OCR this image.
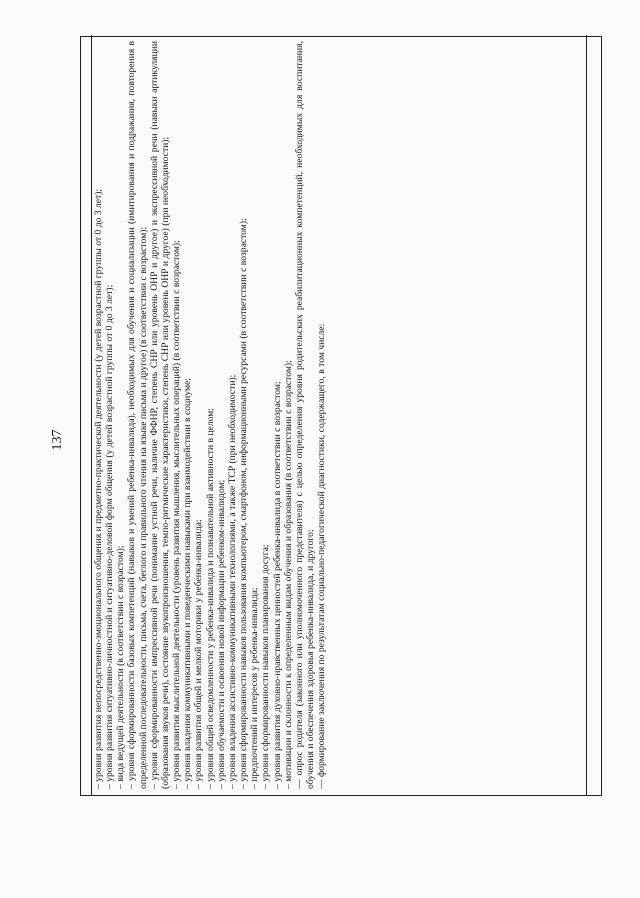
137	– уровня развития непосредственно-эмоционального общения и предметно-практической деятельности (у детей возрастной группы от 0 до 3 лет); – уровня развития ситуативно-личностной и ситуативно-деловой форм общения (у детей возрастной группы от 0 до 3 лет); – вида ведущей деятельности (в соответствии с возрастом); – уровня сформированности базовых компетенций (навыков и умений ребенка-инвалида), необходимых для обучения и социализации (имитирования и подражания, повторения в определенной последовательности, письма, счета, беглого и правильного чтения на языке письма и другое) (в соответствии с возрастом); – уровня сформированности импрессивной речи (понимание устной речи, наличие ФФНР, степень СНР или уровень ОНР и другое) и экспрессивной речи (навыки артикуляции (образования звуков речи), состояние звукопроизношения, темпо-ритмические характеристики, степень СНР или уровень ОНР и другое) (при необходимости); – уровня развития мыслительной деятельности (уровень развития мышления, мыслительных операций) (в соответствии с возрастом); – уровня владения коммуникативными и поведенческими навыками при взаимодействии в социуме; – уровня развития общей и мелкой моторики у ребенка-инвалида; – уровня общей осведомленности у ребенка-инвалида и познавательной активности в целом; – уровня обучаемости и освоения новой информации ребенком-инвалидом; – уровня владения ассистивно-коммуникативными технологиями, а также ТСР (при необходимости); – уровня сформированности навыков пользования компьютером, смартфоном, информационными ресурсами (в соответствии с возрастом); – предпочтений и интересов у ребенка-инвалида; – уровня сформированности навыков планирования досуга; – уровня развития духовно-нравственных ценностей ребенка-инвалида в соответствии с возрастом; – мотивации и склонности к определенным видам обучения и образования (в соответствии с возрастом); — опрос родителя (законного или уполномоченного представителя) с целью определения уровня родительских реабилитационных компетенций, необходимых для воспитания, обучения и обеспечения здоровья ребенка-инвалида, и другого; — формирование заключения по результатам социально-педагогической диагностики, содержащего, в том числе:
